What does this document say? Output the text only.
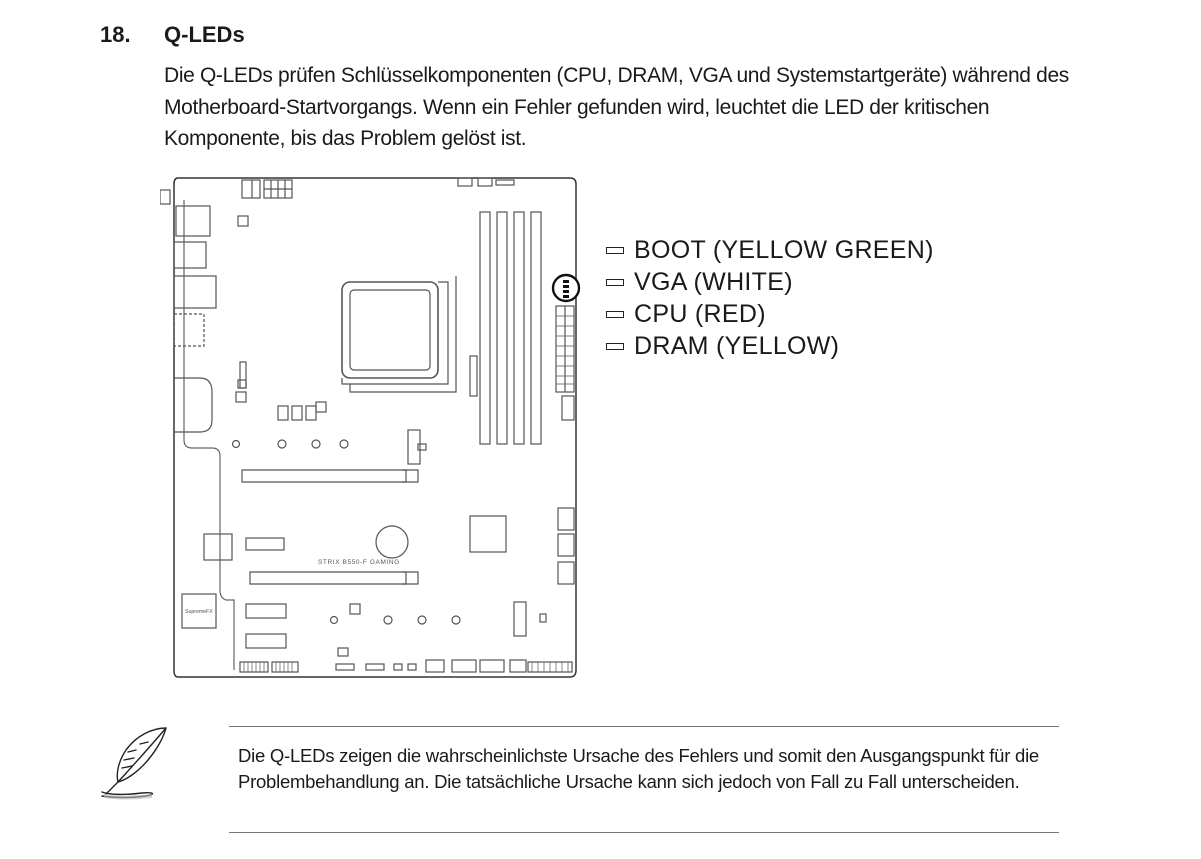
18. Q-LEDs

Die Q-LEDs prüfen Schlüsselkomponenten (CPU, DRAM, VGA und Systemstartgeräte) während des Motherboard-Startvorgangs. Wenn ein Fehler gefunden wird, leuchtet die LED der kritischen Komponente, bis das Problem gelöst ist.

STRIX B550-F GAMING
SupremeFX
BOOT (YELLOW GREEN)
VGA (WHITE)
CPU (RED)
DRAM (YELLOW)

Die Q-LEDs zeigen die wahrscheinlichste Ursache des Fehlers und somit den Ausgangspunkt für die Problembehandlung an. Die tatsächliche Ursache kann sich jedoch von Fall zu Fall unterscheiden.
